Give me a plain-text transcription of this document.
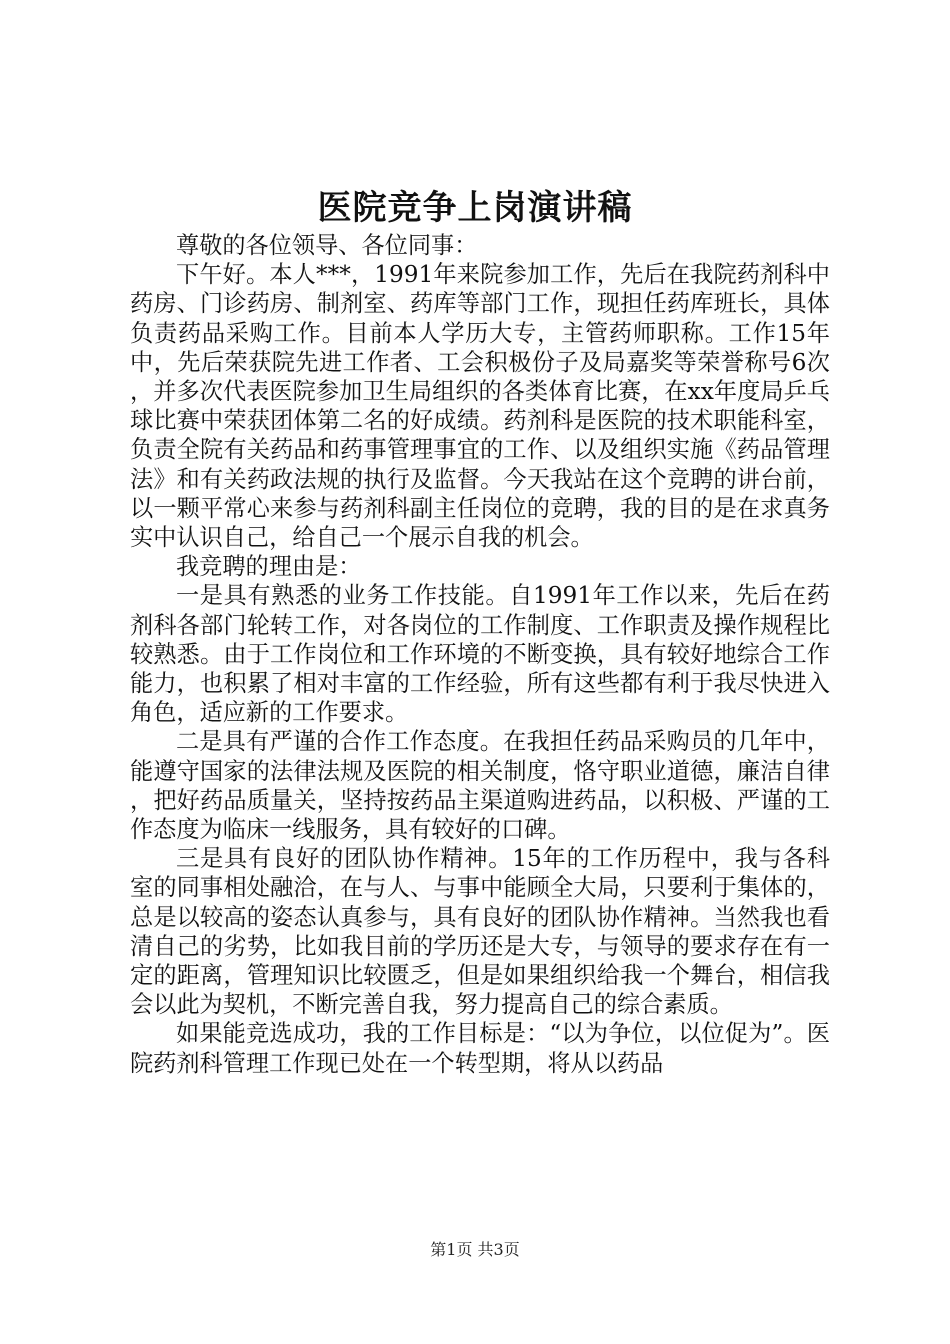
医院竞争上岗演讲稿

尊敬的各位领导、各位同事：

下午好。本人***，1991年来院参加工作，先后在我院药剂科中药房、门诊药房、制剂室、药库等部门工作，现担任药库班长，具体负责药品采购工作。目前本人学历大专，主管药师职称。工作15年中，先后荣获院先进工作者、工会积极份子及局嘉奖等荣誉称号6次，并多次代表医院参加卫生局组织的各类体育比赛，在xx年度局乒乓球比赛中荣获团体第二名的好成绩。药剂科是医院的技术职能科室，负责全院有关药品和药事管理事宜的工作、以及组织实施《药品管理法》和有关药政法规的执行及监督。今天我站在这个竞聘的讲台前，以一颗平常心来参与药剂科副主任岗位的竞聘，我的目的是在求真务实中认识自己，给自己一个展示自我的机会。

我竞聘的理由是：

一是具有熟悉的业务工作技能。自1991年工作以来，先后在药剂科各部门轮转工作，对各岗位的工作制度、工作职责及操作规程比较熟悉。由于工作岗位和工作环境的不断变换，具有较好地综合工作能力，也积累了相对丰富的工作经验，所有这些都有利于我尽快进入角色，适应新的工作要求。

二是具有严谨的合作工作态度。在我担任药品采购员的几年中，能遵守国家的法律法规及医院的相关制度，恪守职业道德，廉洁自律，把好药品质量关，坚持按药品主渠道购进药品，以积极、严谨的工作态度为临床一线服务，具有较好的口碑。

三是具有良好的团队协作精神。15年的工作历程中，我与各科室的同事相处融洽，在与人、与事中能顾全大局，只要利于集体的，总是以较高的姿态认真参与，具有良好的团队协作精神。当然我也看清自己的劣势，比如我目前的学历还是大专，与领导的要求存在有一定的距离，管理知识比较匮乏，但是如果组织给我一个舞台，相信我会以此为契机，不断完善自我，努力提高自己的综合素质。

如果能竞选成功，我的工作目标是：“以为争位，以位促为”。医院药剂科管理工作现已处在一个转型期，将从以药品

第1页 共3页
